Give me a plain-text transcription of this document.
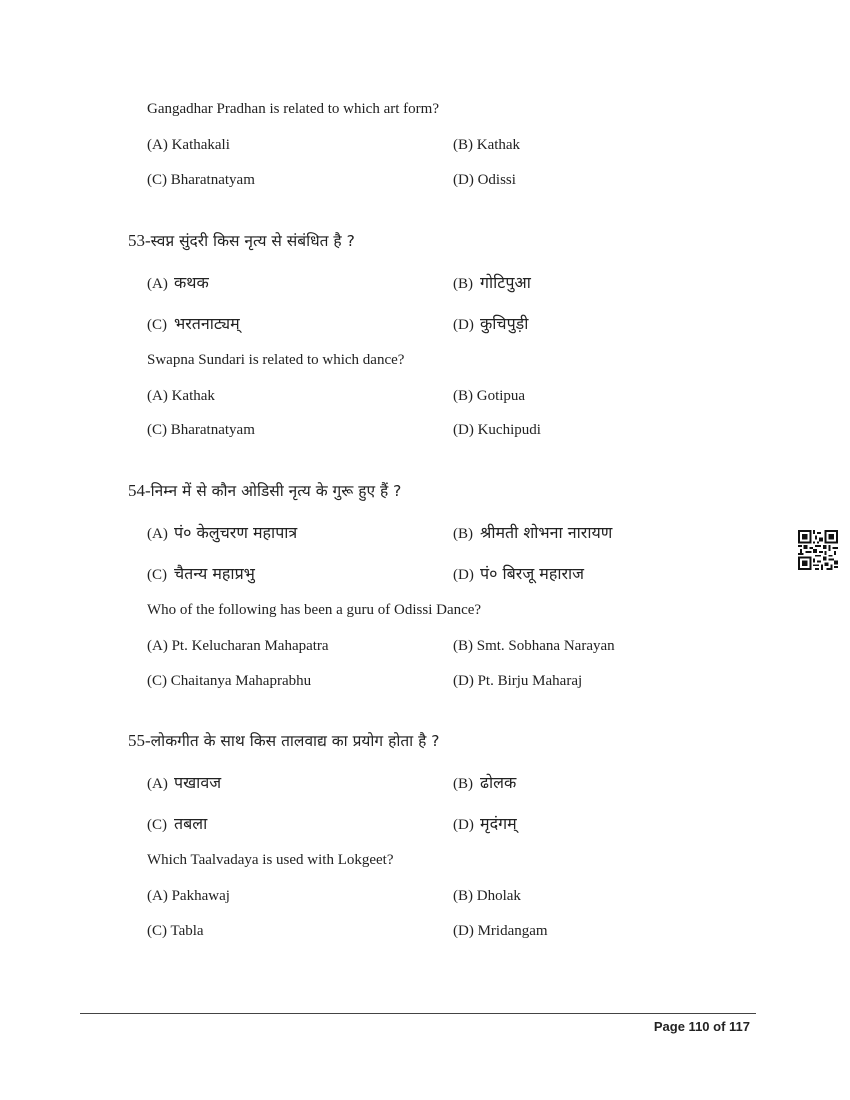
Gangadhar Pradhan is related to which art form?
(A) Kathakali	(B) Kathak
(C) Bharatnatyam	(D) Odissi
53-स्वप्न सुंदरी किस नृत्य से संबंधित है ?
(A) कथक	(B) गोटिपुआ
(C) भरतनाट्यम्	(D) कुचिपुड़ी
Swapna Sundari is related to which dance?
(A) Kathak	(B) Gotipua
(C) Bharatnatyam	(D) Kuchipudi
54-निम्न में से कौन ओडिसी नृत्य के गुरू हुए हैं ?
(A) पं० केलुचरण महापात्र	(B) श्रीमती शोभना नारायण
(C) चैतन्य महाप्रभु	(D) पं० बिरजू महाराज
Who of the following has been a guru of Odissi Dance?
(A) Pt. Kelucharan Mahapatra	(B) Smt. Sobhana Narayan
(C) Chaitanya Mahaprabhu	(D) Pt. Birju Maharaj
55-लोकगीत के साथ किस तालवाद्य का प्रयोग होता है ?
(A) पखावज	(B) ढोलक
(C) तबला	(D) मृदंगम्
Which Taalvadaya is used with Lokgeet?
(A) Pakhawaj	(B) Dholak
(C) Tabla	(D) Mridangam
Page 110 of 117
